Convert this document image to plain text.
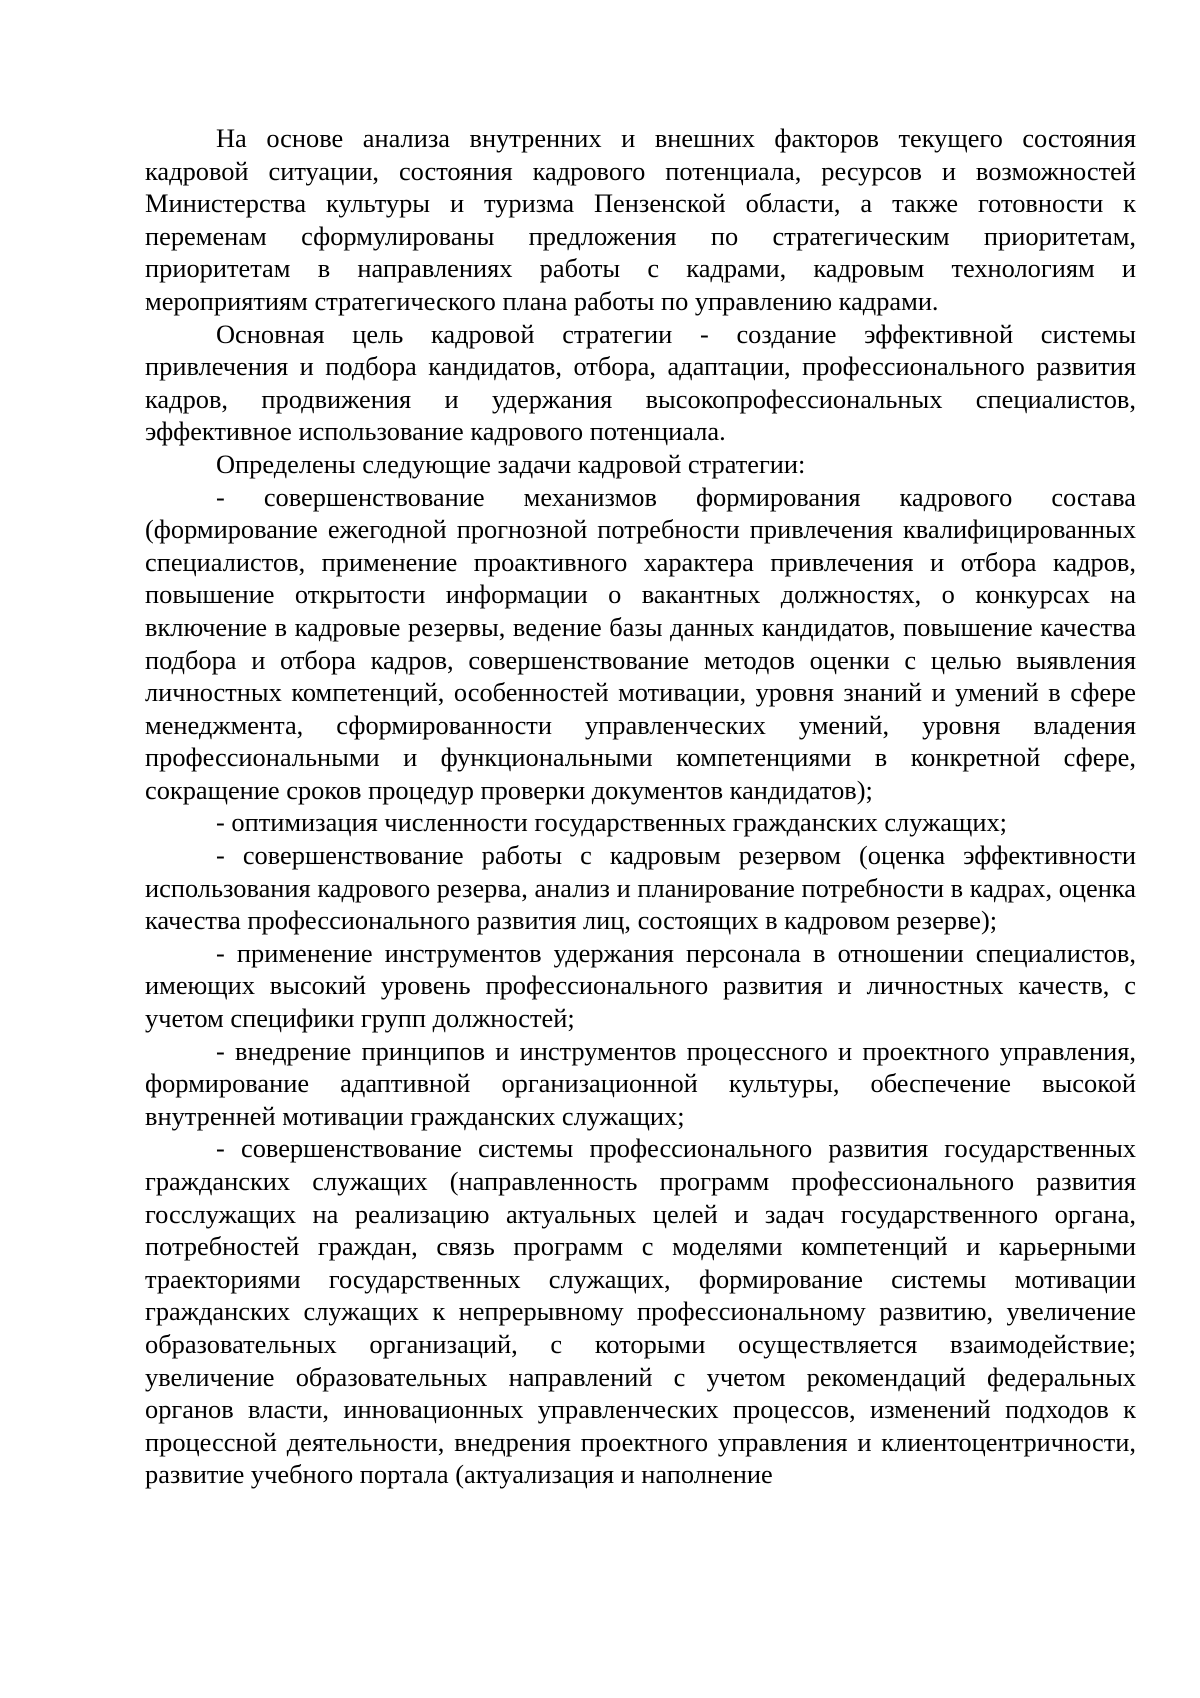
На основе анализа внутренних и внешних факторов текущего состояния кадровой ситуации, состояния кадрового потенциала, ресурсов и возможностей Министерства культуры и туризма Пензенской области, а также готовности к переменам сформулированы предложения по стратегическим приоритетам, приоритетам в направлениях работы с кадрами, кадровым технологиям и мероприятиям стратегического плана работы по управлению кадрами.

Основная цель кадровой стратегии - создание эффективной системы привлечения и подбора кандидатов, отбора, адаптации, профессионального развития кадров, продвижения и удержания высокопрофессиональных специалистов, эффективное использование кадрового потенциала.

Определены следующие задачи кадровой стратегии:

- совершенствование механизмов формирования кадрового состава (формирование ежегодной прогнозной потребности привлечения квалифицированных специалистов, применение проактивного характера привлечения и отбора кадров, повышение открытости информации о вакантных должностях, о конкурсах на включение в кадровые резервы, ведение базы данных кандидатов, повышение качества подбора и отбора кадров, совершенствование методов оценки с целью выявления личностных компетенций, особенностей мотивации, уровня знаний и умений в сфере менеджмента, сформированности управленческих умений, уровня владения профессиональными и функциональными компетенциями в конкретной сфере, сокращение сроков процедур проверки документов кандидатов);

- оптимизация численности государственных гражданских служащих;

- совершенствование работы с кадровым резервом (оценка эффективности использования кадрового резерва, анализ и планирование потребности в кадрах, оценка качества профессионального развития лиц, состоящих в кадровом резерве);

- применение инструментов удержания персонала в отношении специалистов, имеющих высокий уровень профессионального развития и личностных качеств, с учетом специфики групп должностей;

- внедрение принципов и инструментов процессного и проектного управления, формирование адаптивной организационной культуры, обеспечение высокой внутренней мотивации гражданских служащих;

- совершенствование системы профессионального развития государственных гражданских служащих (направленность программ профессионального развития госслужащих на реализацию актуальных целей и задач государственного органа, потребностей граждан, связь программ с моделями компетенций и карьерными траекториями государственных служащих, формирование системы мотивации гражданских служащих к непрерывному профессиональному развитию, увеличение образовательных организаций, с которыми осуществляется взаимодействие; увеличение образовательных направлений с учетом рекомендаций федеральных органов власти, инновационных управленческих процессов, изменений подходов к процессной деятельности, внедрения проектного управления и клиентоцентричности, развитие учебного портала (актуализация и наполнение
